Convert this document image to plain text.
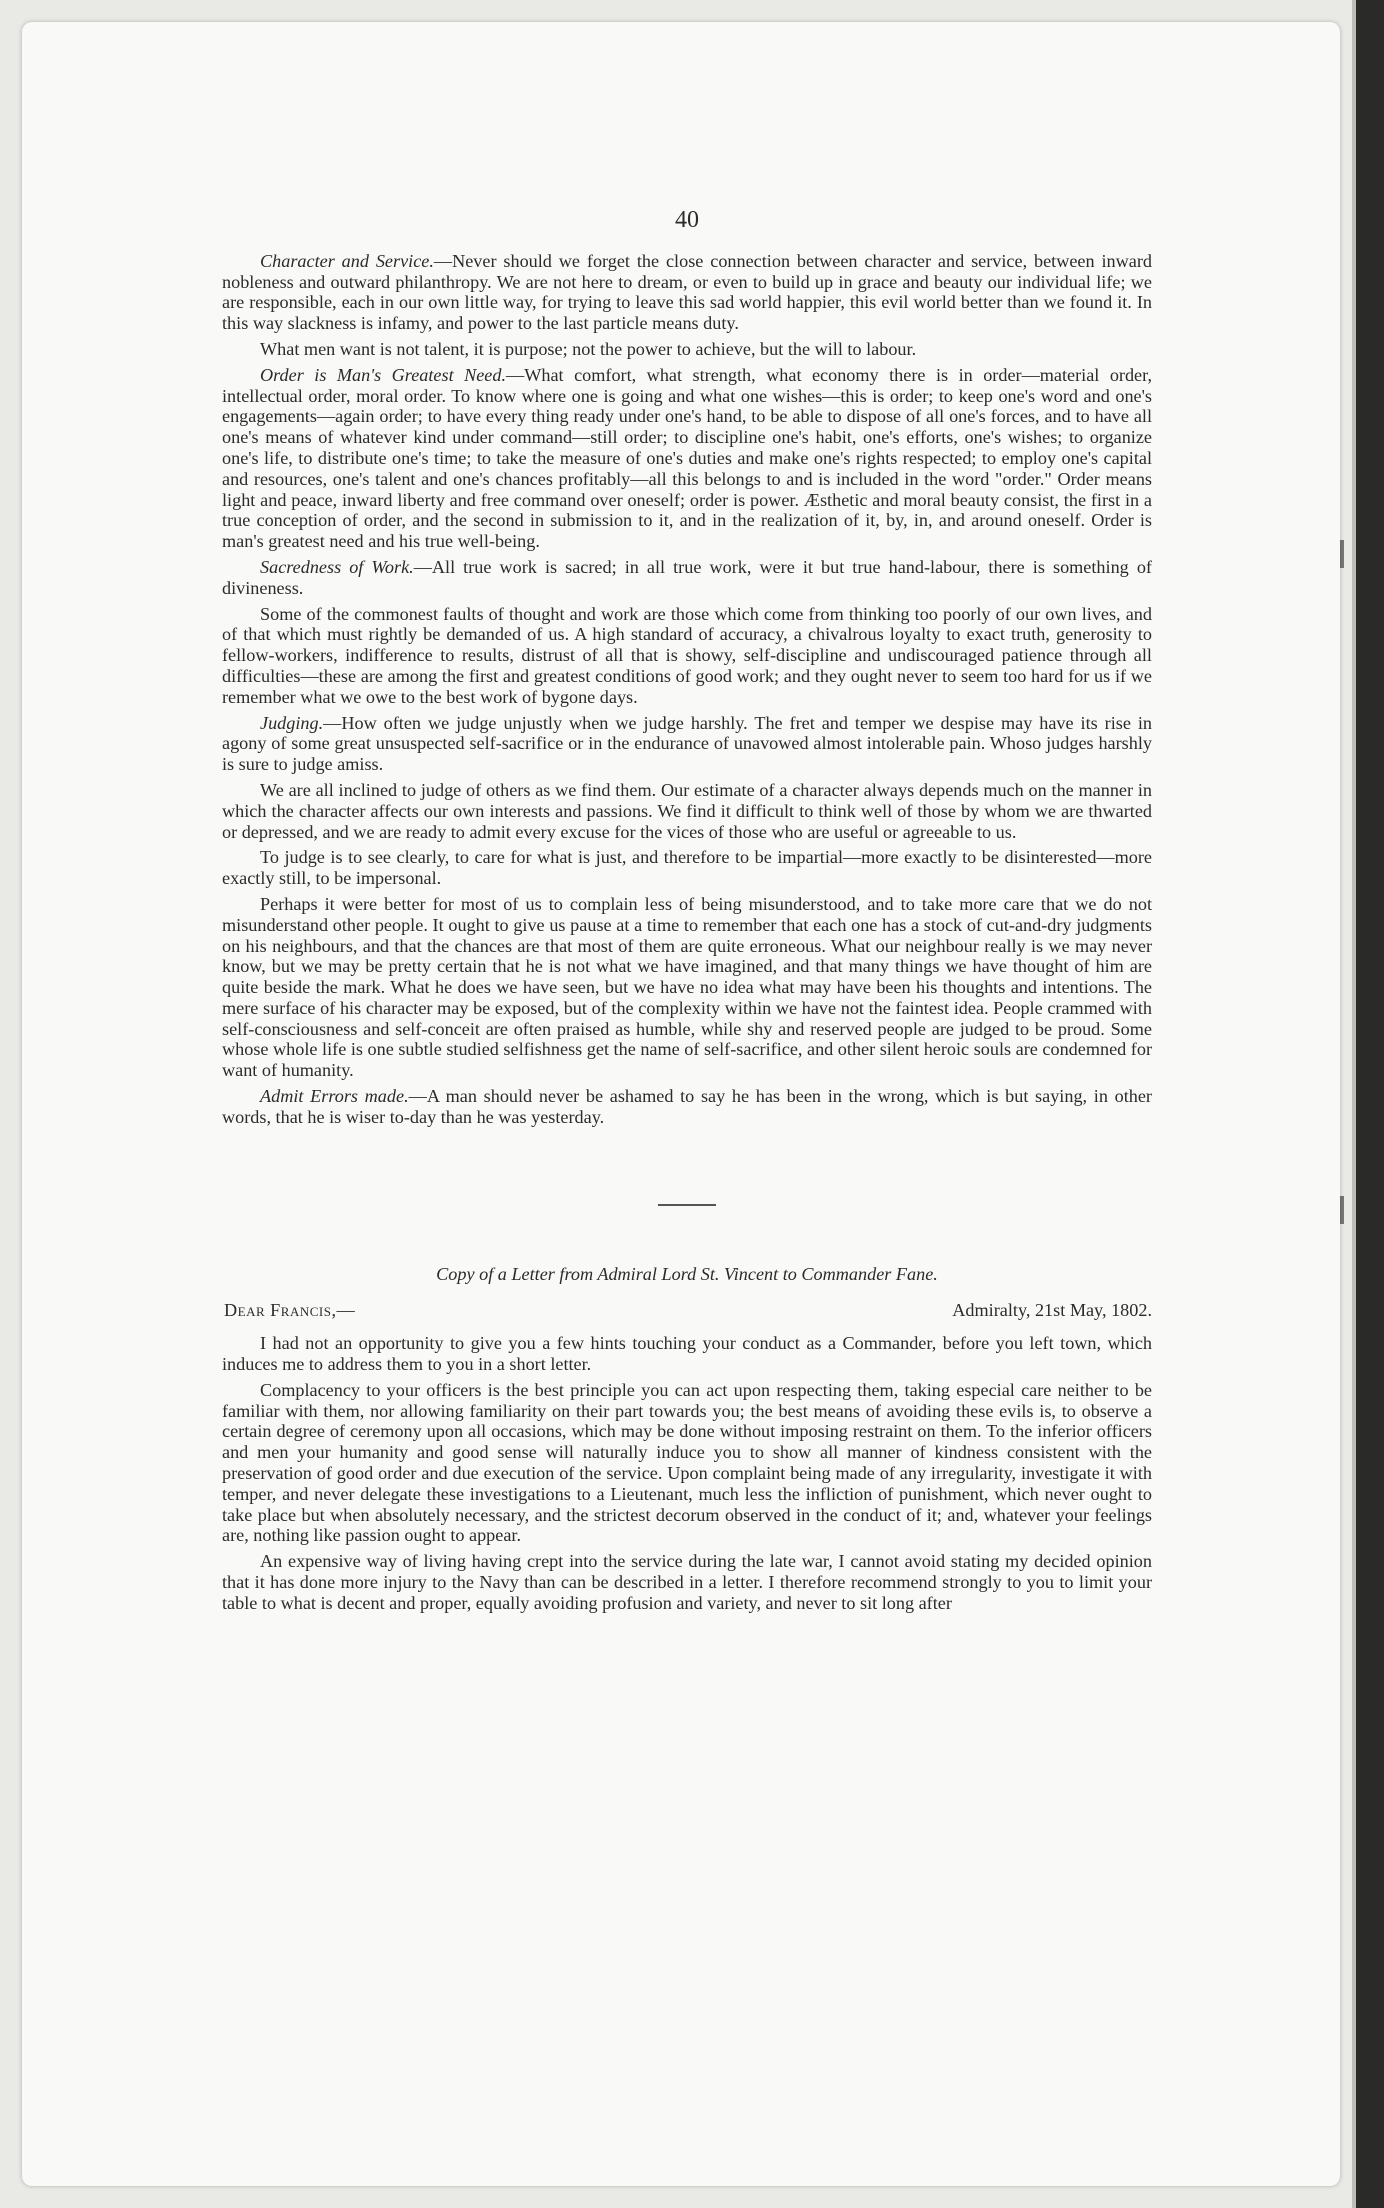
40

Character and Service.—Never should we forget the close connection between character and service, between inward nobleness and outward philanthropy. We are not here to dream, or even to build up in grace and beauty our individual life; we are responsible, each in our own little way, for trying to leave this sad world happier, this evil world better than we found it. In this way slackness is infamy, and power to the last particle means duty.

What men want is not talent, it is purpose; not the power to achieve, but the will to labour.

Order is Man's Greatest Need.—What comfort, what strength, what economy there is in order—material order, intellectual order, moral order. To know where one is going and what one wishes—this is order; to keep one's word and one's engagements—again order; to have every thing ready under one's hand, to be able to dispose of all one's forces, and to have all one's means of whatever kind under command—still order; to discipline one's habit, one's efforts, one's wishes; to organize one's life, to distribute one's time; to take the measure of one's duties and make one's rights respected; to employ one's capital and resources, one's talent and one's chances profitably—all this belongs to and is included in the word "order." Order means light and peace, inward liberty and free command over oneself; order is power. Æsthetic and moral beauty consist, the first in a true conception of order, and the second in submission to it, and in the realization of it, by, in, and around oneself. Order is man's greatest need and his true well-being.

Sacredness of Work.—All true work is sacred; in all true work, were it but true hand-labour, there is something of divineness.

Some of the commonest faults of thought and work are those which come from thinking too poorly of our own lives, and of that which must rightly be demanded of us. A high standard of accuracy, a chivalrous loyalty to exact truth, generosity to fellow-workers, indifference to results, distrust of all that is showy, self-discipline and undiscouraged patience through all difficulties—these are among the first and greatest conditions of good work; and they ought never to seem too hard for us if we remember what we owe to the best work of bygone days.

Judging.—How often we judge unjustly when we judge harshly. The fret and temper we despise may have its rise in agony of some great unsuspected self-sacrifice or in the endurance of unavowed almost intolerable pain. Whoso judges harshly is sure to judge amiss.

We are all inclined to judge of others as we find them. Our estimate of a character always depends much on the manner in which the character affects our own interests and passions. We find it difficult to think well of those by whom we are thwarted or depressed, and we are ready to admit every excuse for the vices of those who are useful or agreeable to us.

To judge is to see clearly, to care for what is just, and therefore to be impartial—more exactly to be disinterested—more exactly still, to be impersonal.

Perhaps it were better for most of us to complain less of being misunderstood, and to take more care that we do not misunderstand other people. It ought to give us pause at a time to remember that each one has a stock of cut-and-dry judgments on his neighbours, and that the chances are that most of them are quite erroneous. What our neighbour really is we may never know, but we may be pretty certain that he is not what we have imagined, and that many things we have thought of him are quite beside the mark. What he does we have seen, but we have no idea what may have been his thoughts and intentions. The mere surface of his character may be exposed, but of the complexity within we have not the faintest idea. People crammed with self-consciousness and self-conceit are often praised as humble, while shy and reserved people are judged to be proud. Some whose whole life is one subtle studied selfishness get the name of self-sacrifice, and other silent heroic souls are condemned for want of humanity.

Admit Errors made.—A man should never be ashamed to say he has been in the wrong, which is but saying, in other words, that he is wiser to-day than he was yesterday.

Copy of a Letter from Admiral Lord St. Vincent to Commander Fane.
Dear Francis,—	Admiralty, 21st May, 1802.

I had not an opportunity to give you a few hints touching your conduct as a Commander, before you left town, which induces me to address them to you in a short letter.

Complacency to your officers is the best principle you can act upon respecting them, taking especial care neither to be familiar with them, nor allowing familiarity on their part towards you; the best means of avoiding these evils is, to observe a certain degree of ceremony upon all occasions, which may be done without imposing restraint on them. To the inferior officers and men your humanity and good sense will naturally induce you to show all manner of kindness consistent with the preservation of good order and due execution of the service. Upon complaint being made of any irregularity, investigate it with temper, and never delegate these investigations to a Lieutenant, much less the infliction of punishment, which never ought to take place but when absolutely necessary, and the strictest decorum observed in the conduct of it; and, whatever your feelings are, nothing like passion ought to appear.

An expensive way of living having crept into the service during the late war, I cannot avoid stating my decided opinion that it has done more injury to the Navy than can be described in a letter. I therefore recommend strongly to you to limit your table to what is decent and proper, equally avoiding profusion and variety, and never to sit long after
